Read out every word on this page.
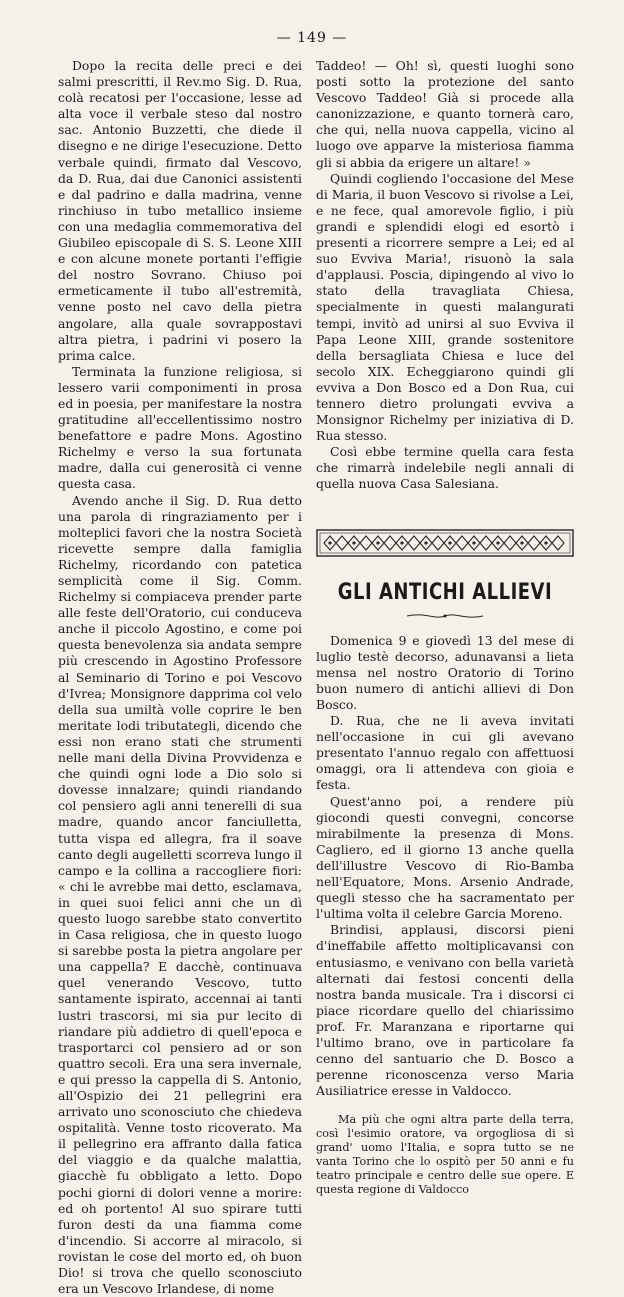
— 149 —

Dopo la recita delle preci e dei salmi prescritti, il Rev.mo Sig. D. Rua, colà recatosi per l'occasione, lesse ad alta voce il verbale steso dal nostro sac. Antonio Buzzetti, che diede il disegno e ne dirige l'esecuzione. Detto verbale quindi, firmato dal Vescovo, da D. Rua, dai due Canonici assistenti e dal padrino e dalla madrina, venne rinchiuso in tubo metallico insieme con una medaglia commemorativa del Giubileo episcopale di S. S. Leone XIII e con alcune monete portanti l'effigie del nostro Sovrano. Chiuso poi ermeticamente il tubo all'estremità, venne posto nel cavo della pietra angolare, alla quale sovrappostavi altra pietra, i padrini vi posero la prima calce.

Terminata la funzione religiosa, si lessero varii componimenti in prosa ed in poesia, per manifestare la nostra gratitudine all'eccellentissimo nostro benefattore e padre Mons. Agostino Richelmy e verso la sua fortunata madre, dalla cui generosità ci venne questa casa.

Avendo anche il Sig. D. Rua detto una parola di ringraziamento per i molteplici favori che la nostra Società ricevette sempre dalla famiglia Richelmy, ricordando con patetica semplicità come il Sig. Comm. Richelmy si compiaceva prender parte alle feste dell'Oratorio, cui conduceva anche il piccolo Agostino, e come poi questa benevolenza sia andata sempre più crescendo in Agostino Professore al Seminario di Torino e poi Vescovo d'Ivrea; Monsignore dapprima col velo della sua umiltà volle coprire le ben meritate lodi tributategli, dicendo che essi non erano stati che strumenti nelle mani della Divina Provvidenza e che quindi ogni lode a Dio solo si dovesse innalzare; quindi riandando col pensiero agli anni tenerelli di sua madre, quando ancor fanciulletta, tutta vispa ed allegra, fra il soave canto degli augelletti scorreva lungo il campo e la collina a raccogliere fiori: « chi le avrebbe mai detto, esclamava, in quei suoi felici anni che un dì questo luogo sarebbe stato convertito in Casa religiosa, che in questo luogo si sarebbe posta la pietra angolare per una cappella? E dacchè, continuava quel venerando Vescovo, tutto santamente ispirato, accennai ai tanti lustri trascorsi, mi sia pur lecito di riandare più addietro di quell'epoca e trasportarci col pensiero ad or son quattro secoli. Era una sera invernale, e qui presso la cappella di S. Antonio, all'Ospizio dei 21 pellegrini era arrivato uno sconosciuto che chiedeva ospitalità. Venne tosto ricoverato. Ma il pellegrino era affranto dalla fatica del viaggio e da qualche malattia, giacchè fu obbligato a letto. Dopo pochi giorni di dolori venne a morire: ed oh portento! Al suo spirare tutti furon desti da una fiamma come d'incendio. Si accorre al miracolo, si rovistan le cose del morto ed, oh buon Dio! si trova che quello sconosciuto era un Vescovo Irlandese, di nome

Taddeo! — Oh! sì, questi luoghi sono posti sotto la protezione del santo Vescovo Taddeo! Già si procede alla canonizzazione, e quanto tornerà caro, che qui, nella nuova cappella, vicino al luogo ove apparve la misteriosa fiamma gli si abbia da erigere un altare! »

Quindi cogliendo l'occasione del Mese di Maria, il buon Vescovo si rivolse a Lei, e ne fece, qual amorevole figlio, i più grandi e splendidi elogi ed esortò i presenti a ricorrere sempre a Lei; ed al suo Evviva Maria!, risuonò la sala d'applausi. Poscia, dipingendo al vivo lo stato della travagliata Chiesa, specialmente in questi malangurati tempi, invitò ad unirsi al suo Evviva il Papa Leone XIII, grande sostenitore della bersagliata Chiesa e luce del secolo XIX. Echeggiarono quindi gli evviva a Don Bosco ed a Don Rua, cui tennero dietro prolungati evviva a Monsignor Richelmy per iniziativa di D. Rua stesso.

Così ebbe termine quella cara festa che rimarrà indelebile negli annali di quella nuova Casa Salesiana.

GLI ANTICHI ALLIEVI

Domenica 9 e giovedì 13 del mese di luglio testè decorso, adunavansi a lieta mensa nel nostro Oratorio di Torino buon numero di antichi allievi di Don Bosco.

D. Rua, che ne li aveva invitati nell'occasione in cui gli avevano presentato l'annuo regalo con affettuosi omaggi, ora li attendeva con gioia e festa.

Quest'anno poi, a rendere più giocondi questi convegni, concorse mirabilmente la presenza di Mons. Cagliero, ed il giorno 13 anche quella dell'illustre Vescovo di Rio-Bamba nell'Equatore, Mons. Arsenio Andrade, quegli stesso che ha sacramentato per l'ultima volta il celebre Garcia Moreno.

Brindisi, applausi, discorsi pieni d'ineffabile affetto moltiplicavansi con entusiasmo, e venivano con bella varietà alternati dai festosi concenti della nostra banda musicale. Tra i discorsi ci piace ricordare quello del chiarissimo prof. Fr. Maranzana e riportarne qui l'ultimo brano, ove in particolare fa cenno del santuario che D. Bosco a perenne riconoscenza verso Maria Ausiliatrice eresse in Valdocco.

Ma più che ogni altra parte della terra, così l'esimio oratore, va orgogliosa di sì grand' uomo l'Italia, e sopra tutto se ne vanta Torino che lo ospitò per 50 anni e fu teatro principale e centro delle sue opere. E questa regione di Valdocco
